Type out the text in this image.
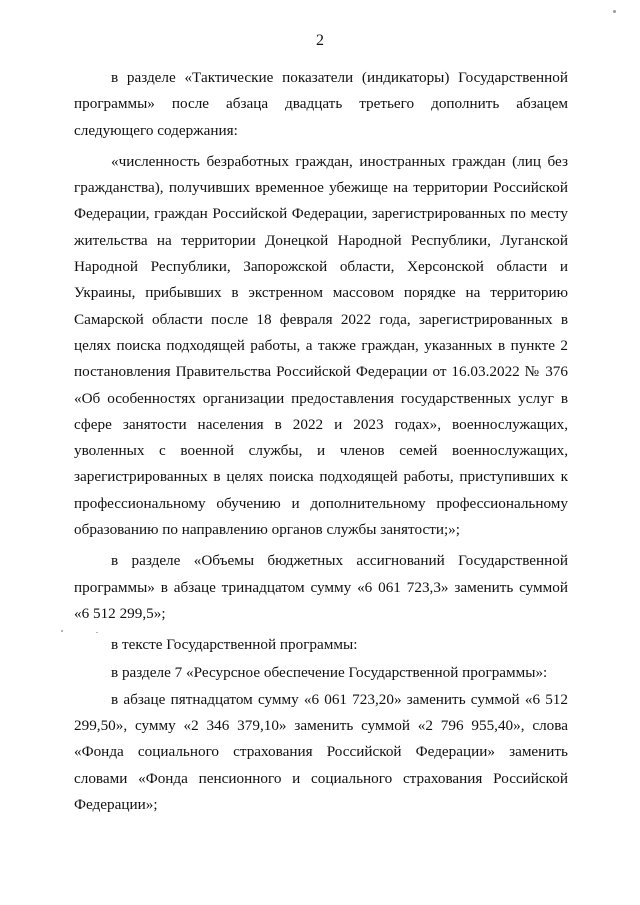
2

в разделе «Тактические показатели (индикаторы) Государственной программы» после абзаца двадцать третьего дополнить абзацем следующего содержания:

«численность безработных граждан, иностранных граждан (лиц без гражданства), получивших временное убежище на территории Российской Федерации, граждан Российской Федерации, зарегистрированных по месту жительства на территории Донецкой Народной Республики, Луганской Народной Республики, Запорожской области, Херсонской области и Украины, прибывших в экстренном массовом порядке на территорию Самарской области после 18 февраля 2022 года, зарегистрированных в целях поиска подходящей работы, а также граждан, указанных в пункте 2 постановления Правительства Российской Федерации от 16.03.2022 № 376 «Об особенностях организации предоставления государственных услуг в сфере занятости населения в 2022 и 2023 годах», военнослужащих, уволенных с военной службы, и членов семей военнослужащих, зарегистрированных в целях поиска подходящей работы, приступивших к профессиональному обучению и дополнительному профессиональному образованию по направлению органов службы занятости;»;

в разделе «Объемы бюджетных ассигнований Государственной программы» в абзаце тринадцатом сумму «6 061 723,3» заменить суммой «6 512 299,5»;

в тексте Государственной программы:

в разделе 7 «Ресурсное обеспечение Государственной программы»:

в абзаце пятнадцатом сумму «6 061 723,20» заменить суммой «6 512 299,50», сумму «2 346 379,10» заменить суммой «2 796 955,40», слова «Фонда социального страхования Российской Федерации» заменить словами «Фонда пенсионного и социального страхования Российской Федерации»;
